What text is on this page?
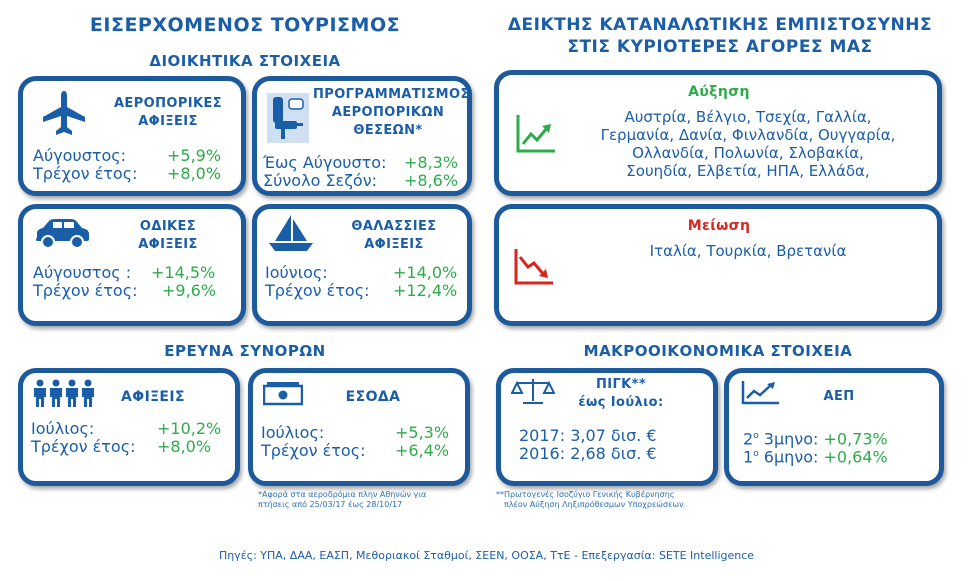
ΕΙΣΕΡΧΟΜΕΝΟΣ ΤΟΥΡΙΣΜΟΣ
ΔΙΟΙΚΗΤΙΚΑ ΣΤΟΙΧΕΙΑ
ΑΕΡΟΠΟΡΙΚΕΣ
ΑΦΙΞΕΙΣ
Αύγουστος:	+5,9%
Τρέχον έτος: +8,0%
ΠΡΟΓΡΑΜΜΑΤΙΣΜΟΣ
ΑΕΡΟΠΟΡΙΚΩΝ
ΘΕΣΕΩΝ*
Έως Αύγουστο: +8,3%
Σύνολο Σεζόν: +8,6%
ΟΔΙΚΕΣ
ΑΦΙΞΕΙΣ
Αύγουστος : +14,5%
Τρέχον έτος: +9,6%
ΘΑΛΑΣΣΙΕΣ
ΑΦΙΞΕΙΣ
Ιούνιος:	+14,0%
Τρέχον έτος: +12,4%
ΕΡΕΥΝΑ ΣΥΝΟΡΩΝ
ΑΦΙΞΕΙΣ
Ιούλιος:	+10,2%
Τρέχον έτος: +8,0%
ΕΣΟΔΑ
Ιούλιος:	+5,3%
Τρέχον έτος: +6,4%
*Αφορά στα αεροδρόμια πλην Αθηνών για
πτήσεις από 25/03/17 έως 28/10/17
ΔΕΙΚΤΗΣ ΚΑΤΑΝΑΛΩΤΙΚΗΣ ΕΜΠΙΣΤΟΣΥΝΗΣ
ΣΤΙΣ ΚΥΡΙΟΤΕΡΕΣ ΑΓΟΡΕΣ ΜΑΣ
Αύξηση
Αυστρία, Βέλγιο, Τσεχία, Γαλλία,
Γερμανία, Δανία, Φινλανδία, Ουγγαρία,
Ολλανδία, Πολωνία, Σλοβακία,
Σουηδία, Ελβετία, ΗΠΑ, Ελλάδα,
Μείωση
Ιταλία, Τουρκία, Βρετανία
ΜΑΚΡΟΟΙΚΟΝΟΜΙΚΑ ΣΤΟΙΧΕΙΑ
ΠΙΓΚ**
έως Ιούλιο:
2017: 3,07 δισ. €
2016: 2,68 δισ. €
ΑΕΠ
$2^o$ 3μηνο: +0,73%
$1^o$ 6μηνο: +0,64%
**Πρωτογενές Ισοζύγιο Γενικής Κυβέρνησης
πλέον Αύξηση Ληξιπρόθεσμων Υποχρεώσεων
Πηγές: ΥΠΑ, ΔΑΑ, ΕΑΣΠ, Μεθοριακοί Σταθμοί, ΣΕΕΝ, ΟΟΣΑ, ΤτΕ - Επεξεργασία: SETE Intelligence
